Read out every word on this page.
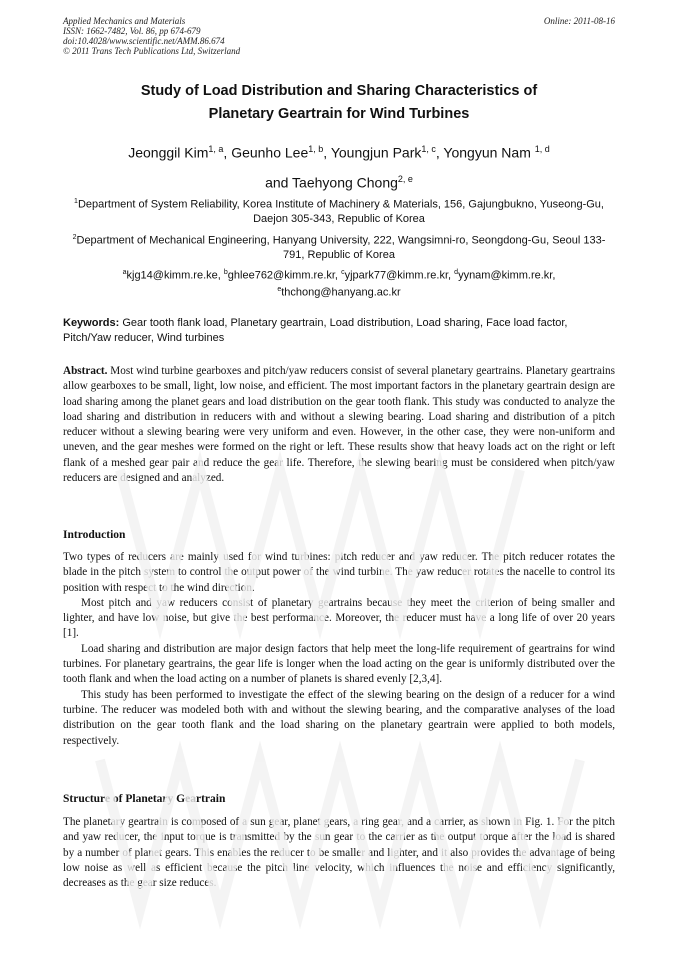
Applied Mechanics and Materials
ISSN: 1662-7482, Vol. 86, pp 674-679
doi:10.4028/www.scientific.net/AMM.86.674
© 2011 Trans Tech Publications Ltd, Switzerland
Online: 2011-08-16
Study of Load Distribution and Sharing Characteristics of
Planetary Geartrain for Wind Turbines
Jeonggil Kim$^{1, a}$, Geunho Lee$^{1, b}$, Youngjun Park$^{1, c}$, Yongyun Nam $^{1, d}$
and Taehyong Chong$^{2, e}$
$^1$Department of System Reliability, Korea Institute of Machinery & Materials, 156, Gajungbukno, Yuseong-Gu, Daejon 305-343, Republic of Korea
$^2$Department of Mechanical Engineering, Hanyang University, 222, Wangsimni-ro, Seongdong-Gu, Seoul 133-791, Republic of Korea
$^a$kjg14@kimm.re.ke, $^b$ghlee762@kimm.re.kr, $^c$yjpark77@kimm.re.kr, $^d$yynam@kimm.re.kr,
$^e$thchong@hanyang.ac.kr
Keywords: Gear tooth flank load, Planetary geartrain, Load distribution, Load sharing, Face load factor, Pitch/Yaw reducer, Wind turbines

Abstract. Most wind turbine gearboxes and pitch/yaw reducers consist of several planetary geartrains. Planetary geartrains allow gearboxes to be small, light, low noise, and efficient. The most important factors in the planetary geartrain design are load sharing among the planet gears and load distribution on the gear tooth flank. This study was conducted to analyze the load sharing and distribution in reducers with and without a slewing bearing. Load sharing and distribution of a pitch reducer without a slewing bearing were very uniform and even. However, in the other case, they were non-uniform and uneven, and the gear meshes were formed on the right or left. These results show that heavy loads act on the right or left flank of a meshed gear pair and reduce the gear life. Therefore, the slewing bearing must be considered when pitch/yaw reducers are designed and analyzed.

Introduction

Two types of reducers are mainly used for wind turbines: pitch reducer and yaw reducer. The pitch reducer rotates the blade in the pitch system to control the output power of the wind turbine. The yaw reducer rotates the nacelle to control its position with respect to the wind direction.

Most pitch and yaw reducers consist of planetary geartrains because they meet the criterion of being smaller and lighter, and have low noise, but give the best performance. Moreover, the reducer must have a long life of over 20 years [1].

Load sharing and distribution are major design factors that help meet the long-life requirement of geartrains for wind turbines. For planetary geartrains, the gear life is longer when the load acting on the gear is uniformly distributed over the tooth flank and when the load acting on a number of planets is shared evenly [2,3,4].

This study has been performed to investigate the effect of the slewing bearing on the design of a reducer for a wind turbine. The reducer was modeled both with and without the slewing bearing, and the comparative analyses of the load distribution on the gear tooth flank and the load sharing on the planetary geartrain were applied to both models, respectively.

Structure of Planetary Geartrain

The planetary geartrain is composed of a sun gear, planet gears, a ring gear, and a carrier, as shown in Fig. 1. For the pitch and yaw reducer, the input torque is transmitted by the sun gear to the carrier as the output torque after the load is shared by a number of planet gears. This enables the reducer to be smaller and lighter, and it also provides the advantage of being low noise as well as efficient because the pitch line velocity, which influences the noise and efficiency significantly, decreases as the gear size reduces.
